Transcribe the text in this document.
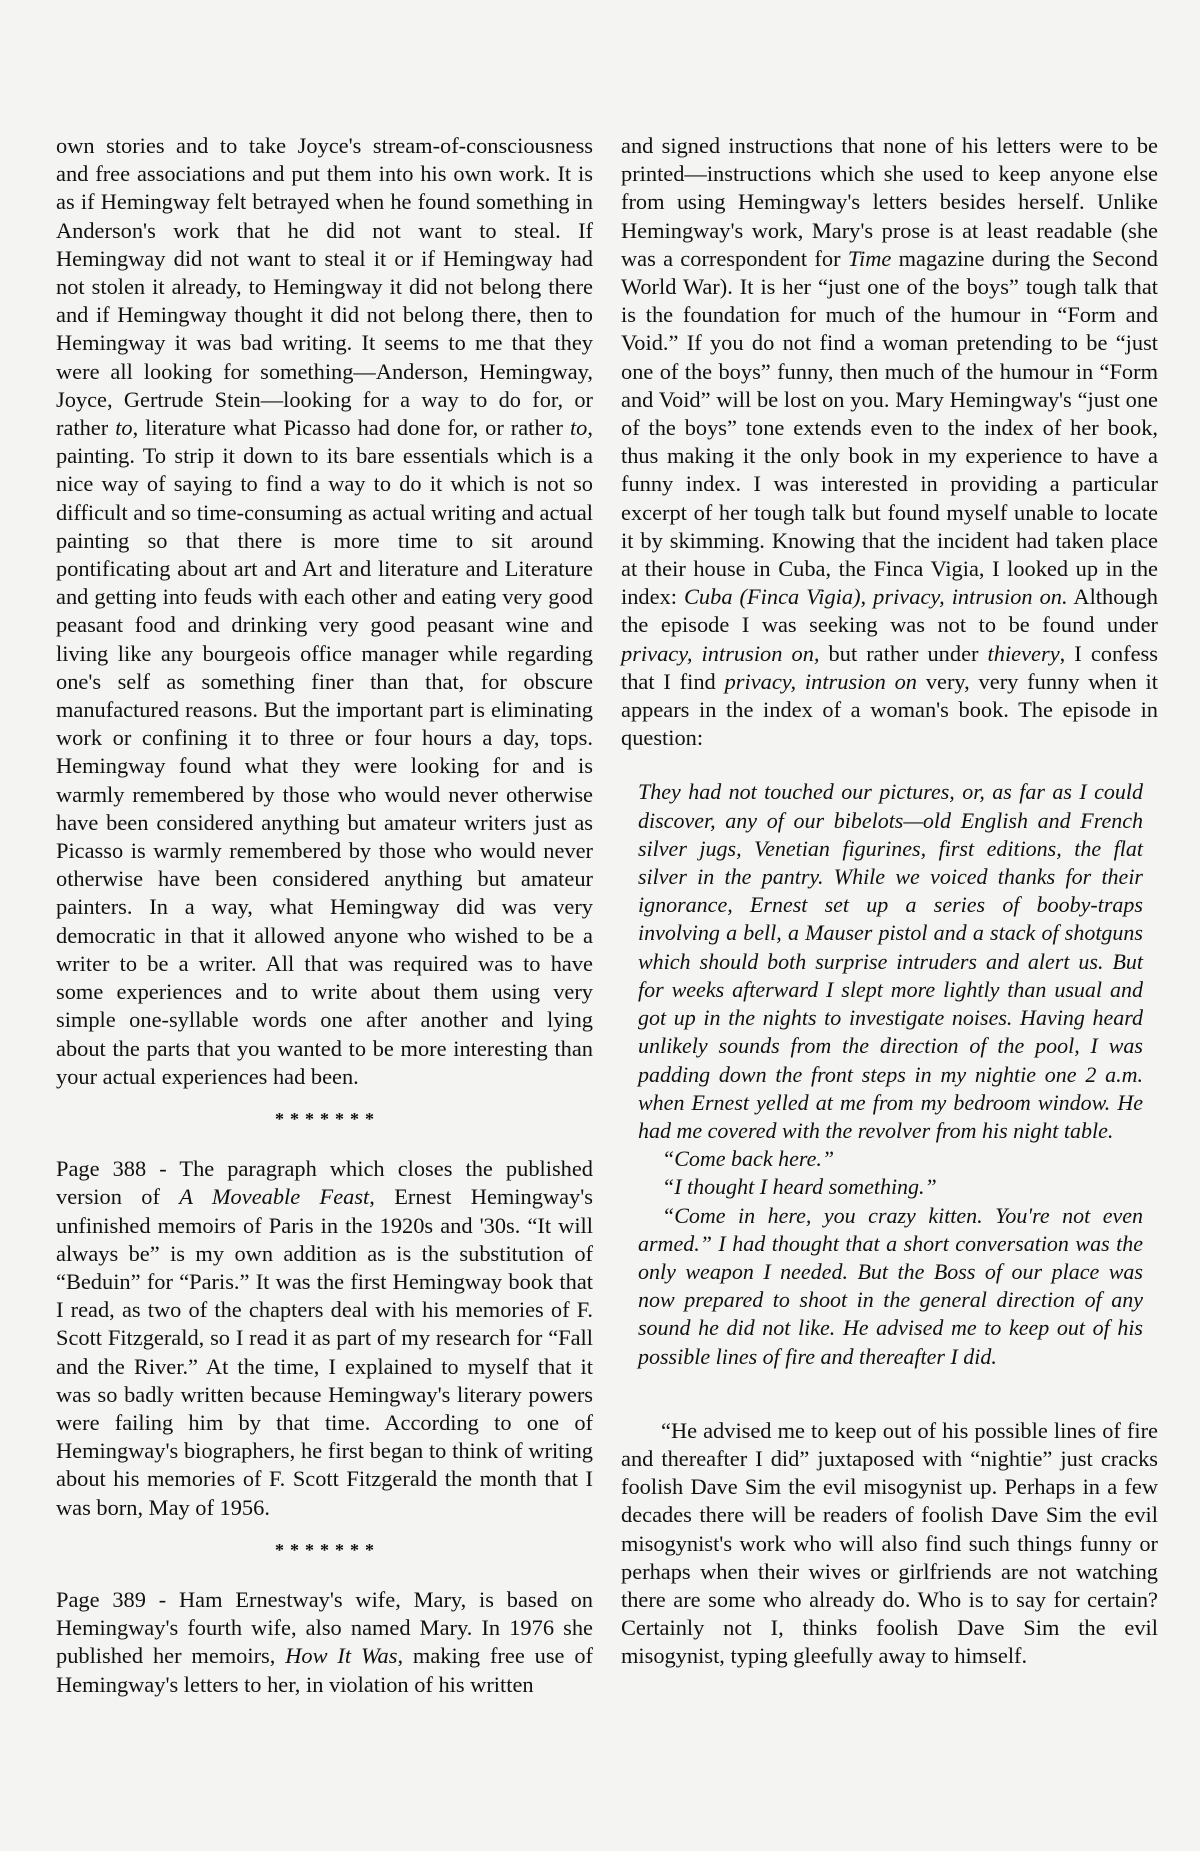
own stories and to take Joyce's stream-of-consciousness and free associations and put them into his own work. It is as if Hemingway felt betrayed when he found something in Anderson's work that he did not want to steal. If Hemingway did not want to steal it or if Hemingway had not stolen it already, to Hemingway it did not belong there and if Hemingway thought it did not belong there, then to Hemingway it was bad writing. It seems to me that they were all looking for something—Anderson, Hemingway, Joyce, Gertrude Stein—looking for a way to do for, or rather to, literature what Picasso had done for, or rather to, painting. To strip it down to its bare essentials which is a nice way of saying to find a way to do it which is not so difficult and so time-consuming as actual writing and actual painting so that there is more time to sit around pontificating about art and Art and literature and Literature and getting into feuds with each other and eating very good peasant food and drinking very good peasant wine and living like any bourgeois office manager while regarding one's self as something finer than that, for obscure manufactured reasons. But the important part is eliminating work or confining it to three or four hours a day, tops. Hemingway found what they were looking for and is warmly remembered by those who would never otherwise have been considered anything but amateur writers just as Picasso is warmly remembered by those who would never otherwise have been considered anything but amateur painters. In a way, what Hemingway did was very democratic in that it allowed anyone who wished to be a writer to be a writer. All that was required was to have some experiences and to write about them using very simple one-syllable words one after another and lying about the parts that you wanted to be more interesting than your actual experiences had been.

*******

Page 388 - The paragraph which closes the published version of A Moveable Feast, Ernest Hemingway's unfinished memoirs of Paris in the 1920s and '30s. “It will always be” is my own addition as is the substitution of “Beduin” for “Paris.” It was the first Hemingway book that I read, as two of the chapters deal with his memories of F. Scott Fitzgerald, so I read it as part of my research for “Fall and the River.” At the time, I explained to myself that it was so badly written because Hemingway's literary powers were failing him by that time. According to one of Hemingway's biographers, he first began to think of writing about his memories of F. Scott Fitzgerald the month that I was born, May of 1956.

*******

Page 389 - Ham Ernestway's wife, Mary, is based on Hemingway's fourth wife, also named Mary. In 1976 she published her memoirs, How It Was, making free use of Hemingway's letters to her, in violation of his written

and signed instructions that none of his letters were to be printed—instructions which she used to keep anyone else from using Hemingway's letters besides herself. Unlike Hemingway's work, Mary's prose is at least readable (she was a correspondent for Time magazine during the Second World War). It is her “just one of the boys” tough talk that is the foundation for much of the humour in “Form and Void.” If you do not find a woman pretending to be “just one of the boys” funny, then much of the humour in “Form and Void” will be lost on you. Mary Hemingway's “just one of the boys” tone extends even to the index of her book, thus making it the only book in my experience to have a funny index. I was interested in providing a particular excerpt of her tough talk but found myself unable to locate it by skimming. Knowing that the incident had taken place at their house in Cuba, the Finca Vigia, I looked up in the index: Cuba (Finca Vigia), privacy, intrusion on. Although the episode I was seeking was not to be found under privacy, intrusion on, but rather under thievery, I confess that I find privacy, intrusion on very, very funny when it appears in the index of a woman's book. The episode in question:

They had not touched our pictures, or, as far as I could discover, any of our bibelots—old English and French silver jugs, Venetian figurines, first editions, the flat silver in the pantry. While we voiced thanks for their ignorance, Ernest set up a series of booby-traps involving a bell, a Mauser pistol and a stack of shotguns which should both surprise intruders and alert us. But for weeks afterward I slept more lightly than usual and got up in the nights to investigate noises. Having heard unlikely sounds from the direction of the pool, I was padding down the front steps in my nightie one 2 a.m. when Ernest yelled at me from my bedroom window. He had me covered with the revolver from his night table.

“Come back here.”

“I thought I heard something.”

“Come in here, you crazy kitten. You're not even armed.” I had thought that a short conversation was the only weapon I needed. But the Boss of our place was now prepared to shoot in the general direction of any sound he did not like. He advised me to keep out of his possible lines of fire and thereafter I did.

“He advised me to keep out of his possible lines of fire and thereafter I did” juxtaposed with “nightie” just cracks foolish Dave Sim the evil misogynist up. Perhaps in a few decades there will be readers of foolish Dave Sim the evil misogynist's work who will also find such things funny or perhaps when their wives or girlfriends are not watching there are some who already do. Who is to say for certain? Certainly not I, thinks foolish Dave Sim the evil misogynist, typing gleefully away to himself.
